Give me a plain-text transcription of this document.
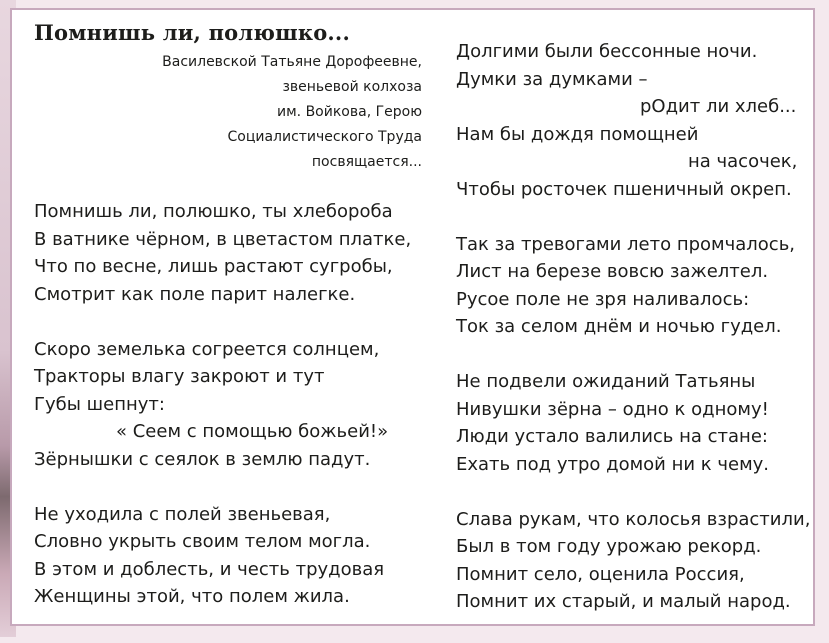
Помнишь ли, полюшко...
Василевской Татьяне Дорофеевне,
звеньевой колхоза
им. Войкова, Герою
Социалистического Труда
посвящается...
Помнишь ли, полюшко, ты хлебороба
В ватнике чёрном, в цветастом платке,
Что по весне, лишь растают сугробы,
Смотрит как поле парит налегке.
Скоро земелька согреется солнцем,
Тракторы влагу закроют и тут
Губы шепнут:
« Сеем с помощью божьей!»
Зёрнышки с сеялок в землю падут.
Не уходила с полей звеньевая,
Словно укрыть своим телом могла.
В этом и доблесть, и честь трудовая
Женщины этой, что полем жила.
Долгими были бессонные ночи.
Думки за думками –
рОдит ли хлеб...
Нам бы дождя помощней
на часочек,
Чтобы росточек пшеничный окреп.
Так за тревогами лето промчалось,
Лист на березе вовсю зажелтел.
Русое поле не зря наливалось:
Ток за селом днём и ночью гудел.
Не подвели ожиданий Татьяны
Нивушки зёрна – одно к одному!
Люди устало валились на стане:
Ехать под утро домой ни к чему.
Слава рукам, что колосья взрастили,
Был в том году урожаю рекорд.
Помнит село, оценила Россия,
Помнит их старый, и малый народ.
